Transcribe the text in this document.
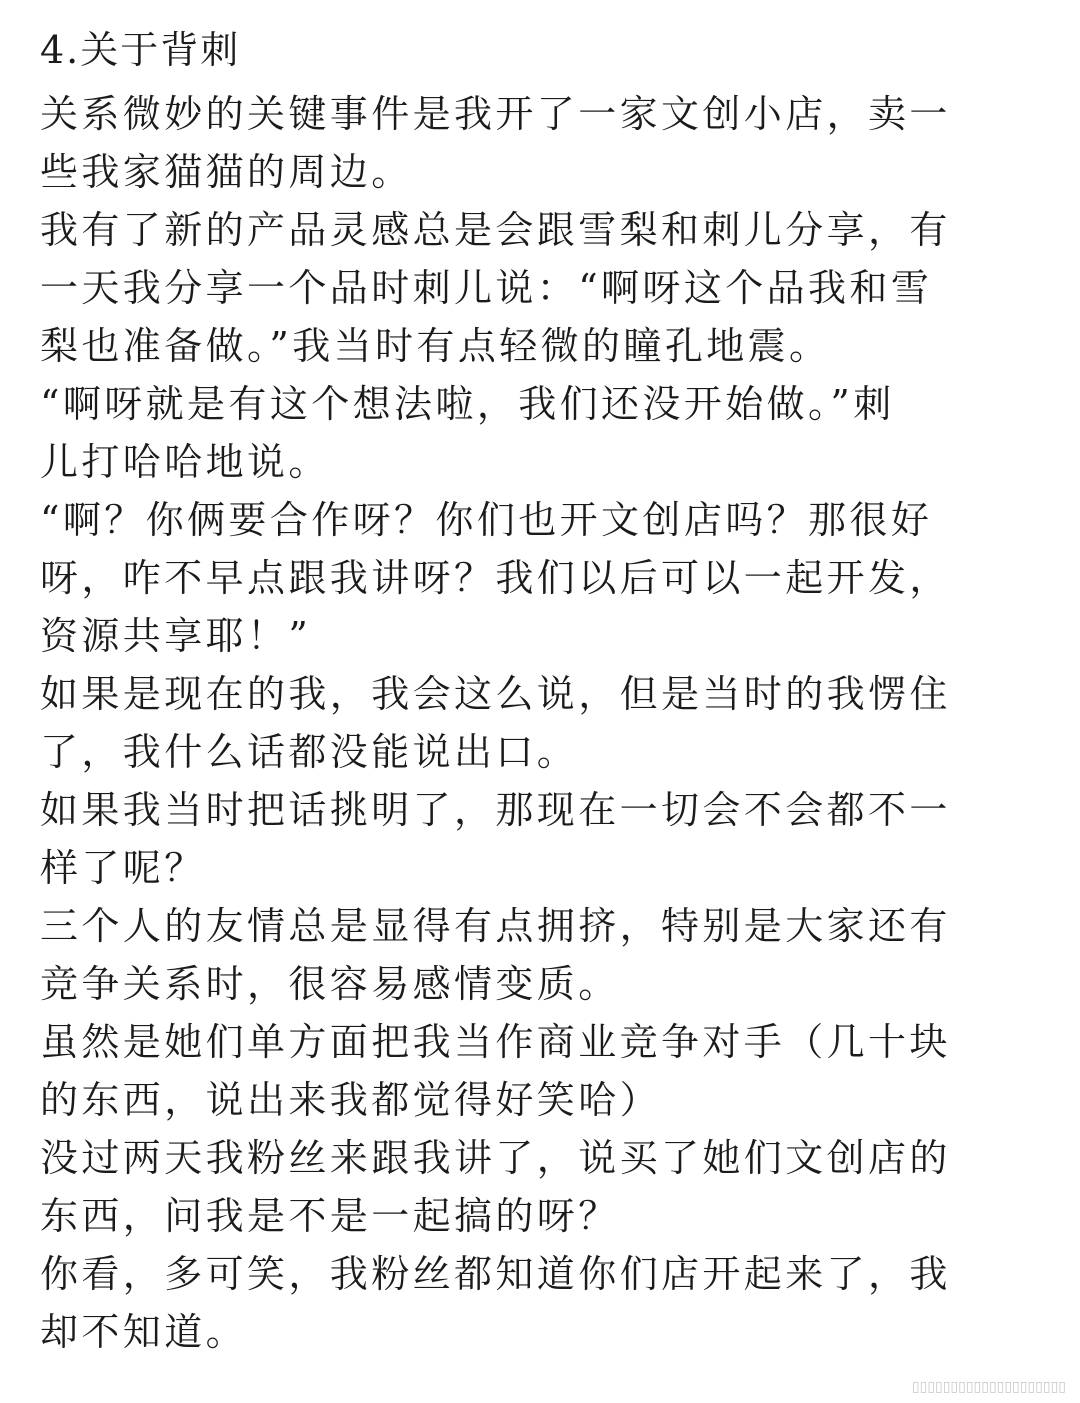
4.关于背刺
关系微妙的关键事件是我开了一家文创小店，卖一
些我家猫猫的周边。
我有了新的产品灵感总是会跟雪梨和刺儿分享，有
一天我分享一个品时刺儿说：“啊呀这个品我和雪
梨也准备做。”我当时有点轻微的瞳孔地震。
“啊呀就是有这个想法啦，我们还没开始做。”刺
儿打哈哈地说。
“啊？你俩要合作呀？你们也开文创店吗？那很好
呀，咋不早点跟我讲呀？我们以后可以一起开发，
资源共享耶！”
如果是现在的我，我会这么说，但是当时的我愣住
了，我什么话都没能说出口。
如果我当时把话挑明了，那现在一切会不会都不一
样了呢？
三个人的友情总是显得有点拥挤，特别是大家还有
竞争关系时，很容易感情变质。
虽然是她们单方面把我当作商业竞争对手（几十块
的东西，说出来我都觉得好笑哈）
没过两天我粉丝来跟我讲了，说买了她们文创店的
东西，问我是不是一起搞的呀？
你看，多可笑，我粉丝都知道你们店开起来了，我
却不知道。
▯▯▯▯▯▯▯▯▯▯▯▯▯▯▯▯▯▯▯▯
